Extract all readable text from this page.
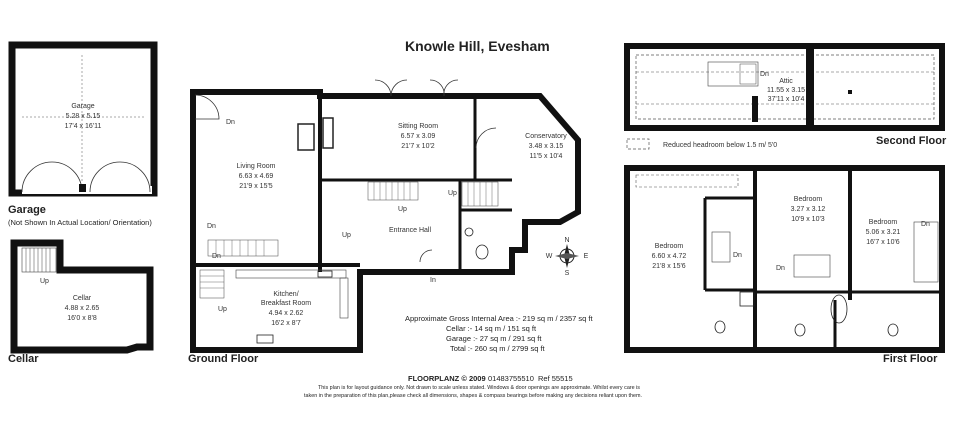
Garage
5.28 x 5.15
17'4 x 16'11
Up
Cellar
4.88 x 2.65
16'0 x 8'8
Living Room
6.63 x 4.69
21'9 x 15'5
Sitting Room
6.57 x 3.09
21'7 x 10'2
Conservatory
3.48 x 3.15
11'5 x 10'4
Entrance Hall
Kitchen/
Breakfast Room
4.94 x 2.62
16'2 x 8'7
Dn
Dn
Dn
Up
Up
Up
Up
In
N
S
E
W
Dn
Attic
11.55 x 3.15
37'11 x 10'4
Reduced headroom below 1.5 m/ 5'0
Bedroom
6.60 x 4.72
21'8 x 15'6
Bedroom
3.27 x 3.12
10'9 x 10'3	Bedroom
5.06 x 3.21
16'7 x 10'6
Dn
Dn
Dn
Knowle Hill, Evesham
Garage
(Not Shown In Actual Location/ Orientation)
Cellar	Ground Floor
Second Floor
First Floor
Approximate Gross Internal Area :- 219 sq m / 2357 sq ft
Cellar :- 14 sq m / 151 sq ft
Garage :- 27 sq m / 291 sq ft
Total :- 260 sq m / 2799 sq ft
FLOORPLANZ © 2009 01483755510 Ref 55515
This plan is for layout guidance only. Not drawn to scale unless stated. Windows & door openings are approximate. Whilst every care is
taken in the preparation of this plan,please check all dimensions, shapes & compass bearings before making any decisions reliant upon them.
